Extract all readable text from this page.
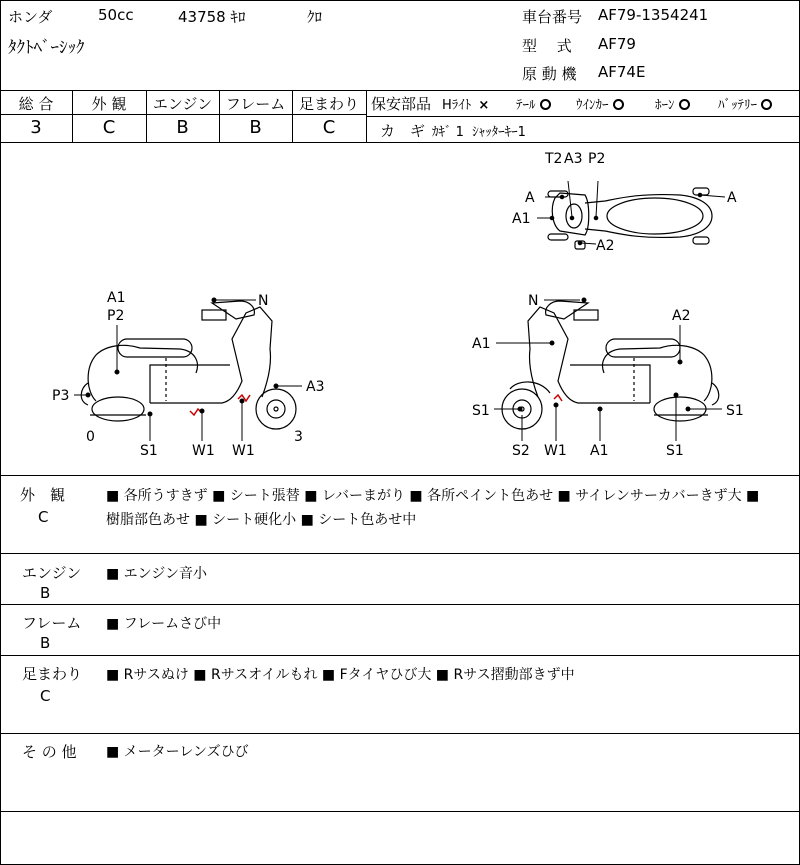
ホンダ	50cc	43758 ｷﾛ	ｸﾛ
ﾀｸﾄﾍﾞｰｼｯｸ
車台番号 AF79-1354241
型　 式 AF79
原 動 機 AF74E
総 合	外 観	エンジン フレーム 足まわり
3	C	B	B	C
保安部品 Hﾗｲﾄ × ﾃｰﾙ	ｳｲﾝｶｰ	ﾎｰﾝ	ﾊﾞｯﾃﾘｰ
カ　ギ ｶｷﾞ 1  ｼｬｯﾀｰｷｰ1
T2 A3 P2
A
A1
A2
A
A1
P2
N
P3
A3
0
S1 W1 W1
3
N
A2
A1
S1	S1
S2 W1 A1	S1
外　観
C
■ 各所うすきず ■ シート張替 ■ レバーまがり ■ 各所ペイント色あせ ■ サイレンサーカバーきず大 ■
樹脂部色あせ ■ シート硬化小 ■ シート色あせ中
エンジン
B
■ エンジン音小
フレーム
B
■ フレームさび中
足まわり
C
■ Rサスぬけ ■ Rサスオイルもれ ■ Fタイヤひび大 ■ Rサス摺動部きず中
そ の 他 ■ メーターレンズひび
